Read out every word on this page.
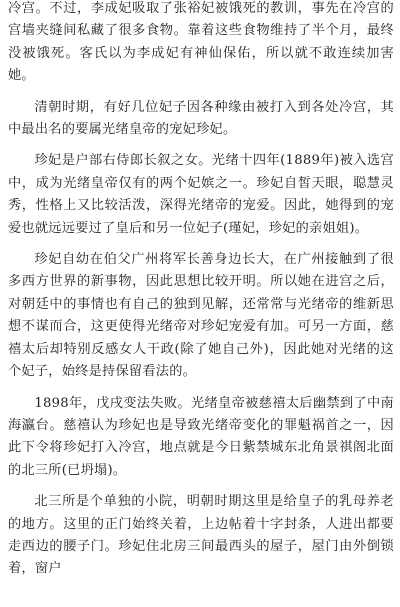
冷宫。不过，李成妃吸取了张裕妃被饿死的教训，事先在冷宫的宫墙夹缝间私藏了很多食物。靠着这些食物维持了半个月，最终没被饿死。客氏以为李成妃有神仙保佑，所以就不敢连续加害她。

清朝时期，有好几位妃子因各种缘由被打入到各处冷宫，其中最出名的要属光绪皇帝的宠妃珍妃。

珍妃是户部右侍郎长叙之女。光绪十四年(1889年)被入选宫中，成为光绪皇帝仅有的两个妃嫔之一。珍妃自皙天眼，聪慧灵秀，性格上又比较活泼，深得光绪帝的宠爱。因此，她得到的宠爱也就远远要过了皇后和另一位妃子(瑾妃，珍妃的亲姐姐)。

珍妃自幼在伯父广州将军长善身边长大，在广州接触到了很多西方世界的新事物，因此思想比较开明。所以她在进宫之后，对朝廷中的事情也有自己的独到见解，还常常与光绪帝的维新思想不谋而合，这更使得光绪帝对珍妃宠爱有加。可另一方面，慈禧太后却特别反感女人干政(除了她自己外)，因此她对光绪的这个妃子，始终是持保留看法的。

1898年，戊戌变法失败。光绪皇帝被慈禧太后幽禁到了中南海瀛台。慈禧认为珍妃也是导致光绪帝变化的罪魁祸首之一，因此下令将珍妃打入冷宫，地点就是今日紫禁城东北角景祺阁北面的北三所(已坍塌)。

北三所是个单独的小院，明朝时期这里是给皇子的乳母养老的地方。这里的正门始终关着，上边帖着十字封条，人进出都要走西边的腰子门。珍妃住北房三间最西头的屋子，屋门由外倒锁着，窗户
